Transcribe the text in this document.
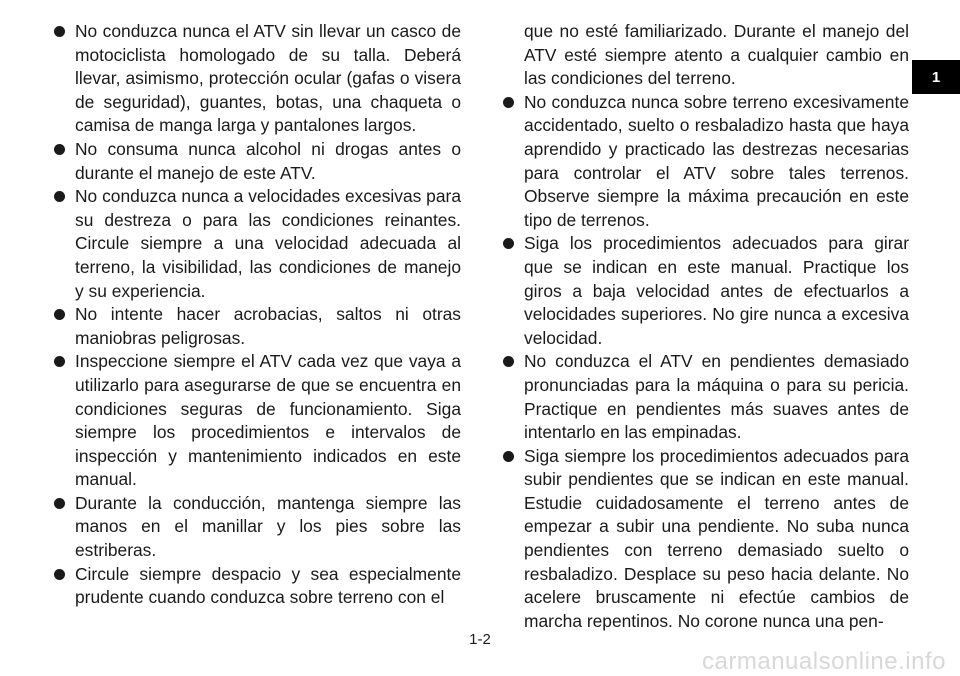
No conduzca nunca el ATV sin llevar un casco de motociclista homologado de su talla. Deberá llevar, asimismo, protección ocular (gafas o visera de seguridad), guantes, botas, una chaqueta o camisa de manga larga y pantalones largos.

No consuma nunca alcohol ni drogas antes o durante el manejo de este ATV.

No conduzca nunca a velocidades excesivas para su destreza o para las condiciones reinantes. Circule siempre a una velocidad adecuada al terreno, la visibilidad, las condiciones de manejo y su experiencia.

No intente hacer acrobacias, saltos ni otras maniobras peligrosas.

Inspeccione siempre el ATV cada vez que vaya a utilizarlo para asegurarse de que se encuentra en condiciones seguras de funcionamiento. Siga siempre los procedimientos e intervalos de inspección y mantenimiento indicados en este manual.

Durante la conducción, mantenga siempre las manos en el manillar y los pies sobre las estriberas.

Circule siempre despacio y sea especialmente prudente cuando conduzca sobre terreno con el

que no esté familiarizado. Durante el manejo del ATV esté siempre atento a cualquier cambio en las condiciones del terreno.

No conduzca nunca sobre terreno excesivamente accidentado, suelto o resbaladizo hasta que haya aprendido y practicado las destrezas necesarias para controlar el ATV sobre tales terrenos. Observe siempre la máxima precaución en este tipo de terrenos.

Siga los procedimientos adecuados para girar que se indican en este manual. Practique los giros a baja velocidad antes de efectuarlos a velocidades superiores. No gire nunca a excesiva velocidad.

No conduzca el ATV en pendientes demasiado pronunciadas para la máquina o para su pericia. Practique en pendientes más suaves antes de intentarlo en las empinadas.

Siga siempre los procedimientos adecuados para subir pendientes que se indican en este manual. Estudie cuidadosamente el terreno antes de empezar a subir una pendiente. No suba nunca pendientes con terreno demasiado suelto o resbaladizo. Desplace su peso hacia delante. No acelere bruscamente ni efectúe cambios de marcha repentinos. No corone nunca una pen-

1
1-2
carmanualsonline.info
